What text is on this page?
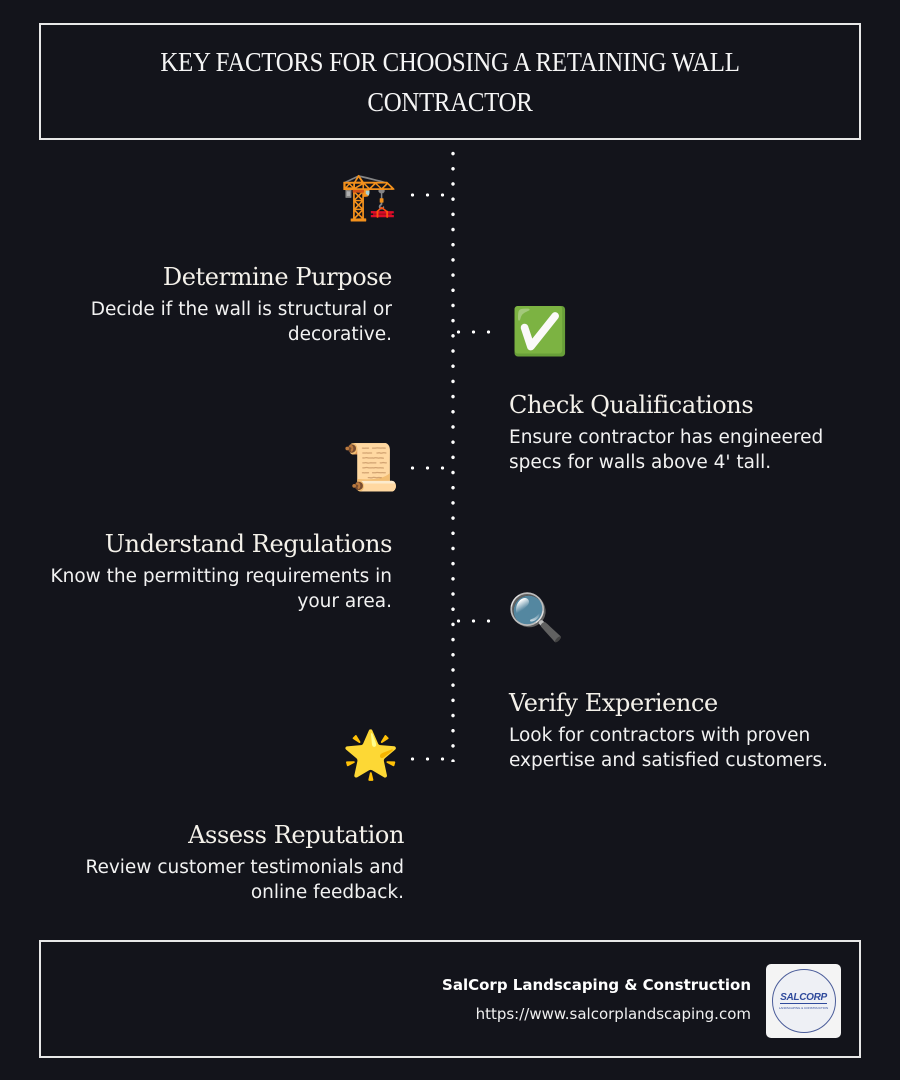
KEY FACTORS FOR CHOOSING A RETAINING WALL CONTRACTOR
🏗️
Determine Purpose
Decide if the wall is structural or decorative.	✅
Check Qualifications
Ensure contractor has engineered specs for walls above 4' tall.
📜
Understand Regulations
Know the permitting requirements in your area.	🔍
Verify Experience
Look for contractors with proven expertise and satisfied customers.
🌟
Assess Reputation
Review customer testimonials and online feedback.
SalCorp Landscaping & Construction
https://www.salcorplandscaping.com
SALCORP
LANDSCAPING & CONSTRUCTION
